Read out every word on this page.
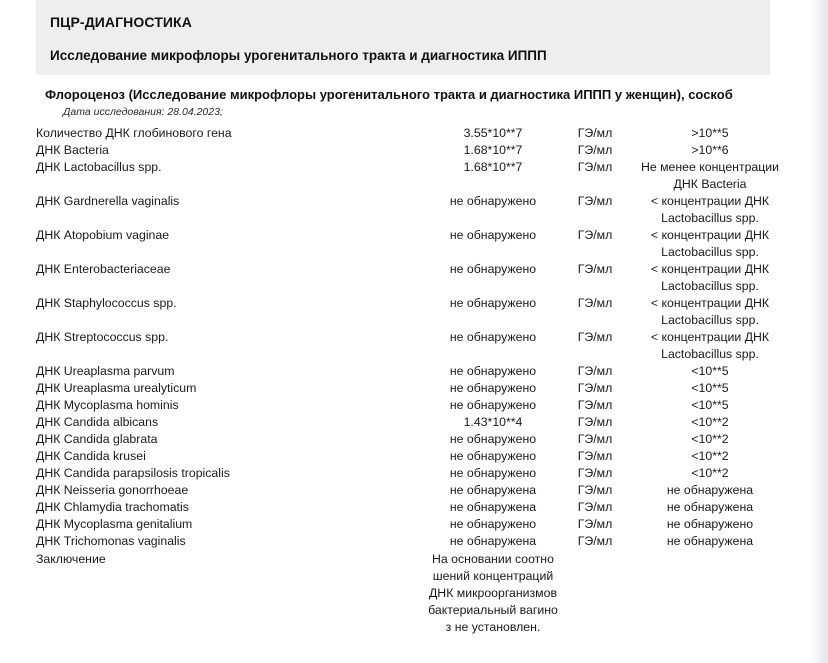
ПЦР-ДИАГНОСТИКА
Исследование микрофлоры урогенитального тракта и диагностика ИППП
Флороценоз (Исследование микрофлоры урогенитального тракта и диагностика ИППП у женщин), соскоб
Дата исследования: 28.04.2023;
Количество ДНК глобинового гена	3.55*10**7	ГЭ/мл	>10**5
ДНК Bacteria	1.68*10**7	ГЭ/мл	>10**6
ДНК Lactobacillus spp.	1.68*10**7	ГЭ/мл	Не менее концентрации ДНК Bacteria
ДНК Gardnerella vaginalis	не обнаружено	ГЭ/мл	< концентрации ДНК Lactobacillus spp.
ДНК Atopobium vaginae	не обнаружено	ГЭ/мл	< концентрации ДНК Lactobacillus spp.
ДНК Enterobacteriaceae	не обнаружено	ГЭ/мл	< концентрации ДНК Lactobacillus spp.
ДНК Staphylococcus spp.	не обнаружено	ГЭ/мл	< концентрации ДНК Lactobacillus spp.
ДНК Streptococcus spp.	не обнаружено	ГЭ/мл	< концентрации ДНК Lactobacillus spp.
ДНК Ureaplasma parvum	не обнаружено	ГЭ/мл	<10**5
ДНК Ureaplasma urealyticum	не обнаружено	ГЭ/мл	<10**5
ДНК Mycoplasma hominis	не обнаружено	ГЭ/мл	<10**5
ДНК Candida albicans	1.43*10**4	ГЭ/мл	<10**2
ДНК Candida glabrata	не обнаружено	ГЭ/мл	<10**2
ДНК Candida krusei	не обнаружено	ГЭ/мл	<10**2
ДНК Candida parapsilosis tropicalis	не обнаружено	ГЭ/мл	<10**2
ДНК Neisseria gonorrhoeae	не обнаружена	ГЭ/мл	не обнаружена
ДНК Chlamydia trachomatis	не обнаружена	ГЭ/мл	не обнаружена
ДНК Mycoplasma genitalium	не обнаружено	ГЭ/мл	не обнаружено
ДНК Trichomonas vaginalis	не обнаружена	ГЭ/мл	не обнаружена

Заключение	На основании соотношений концентраций ДНК микроорганизмов бактериальный вагиноз не установлен.		
